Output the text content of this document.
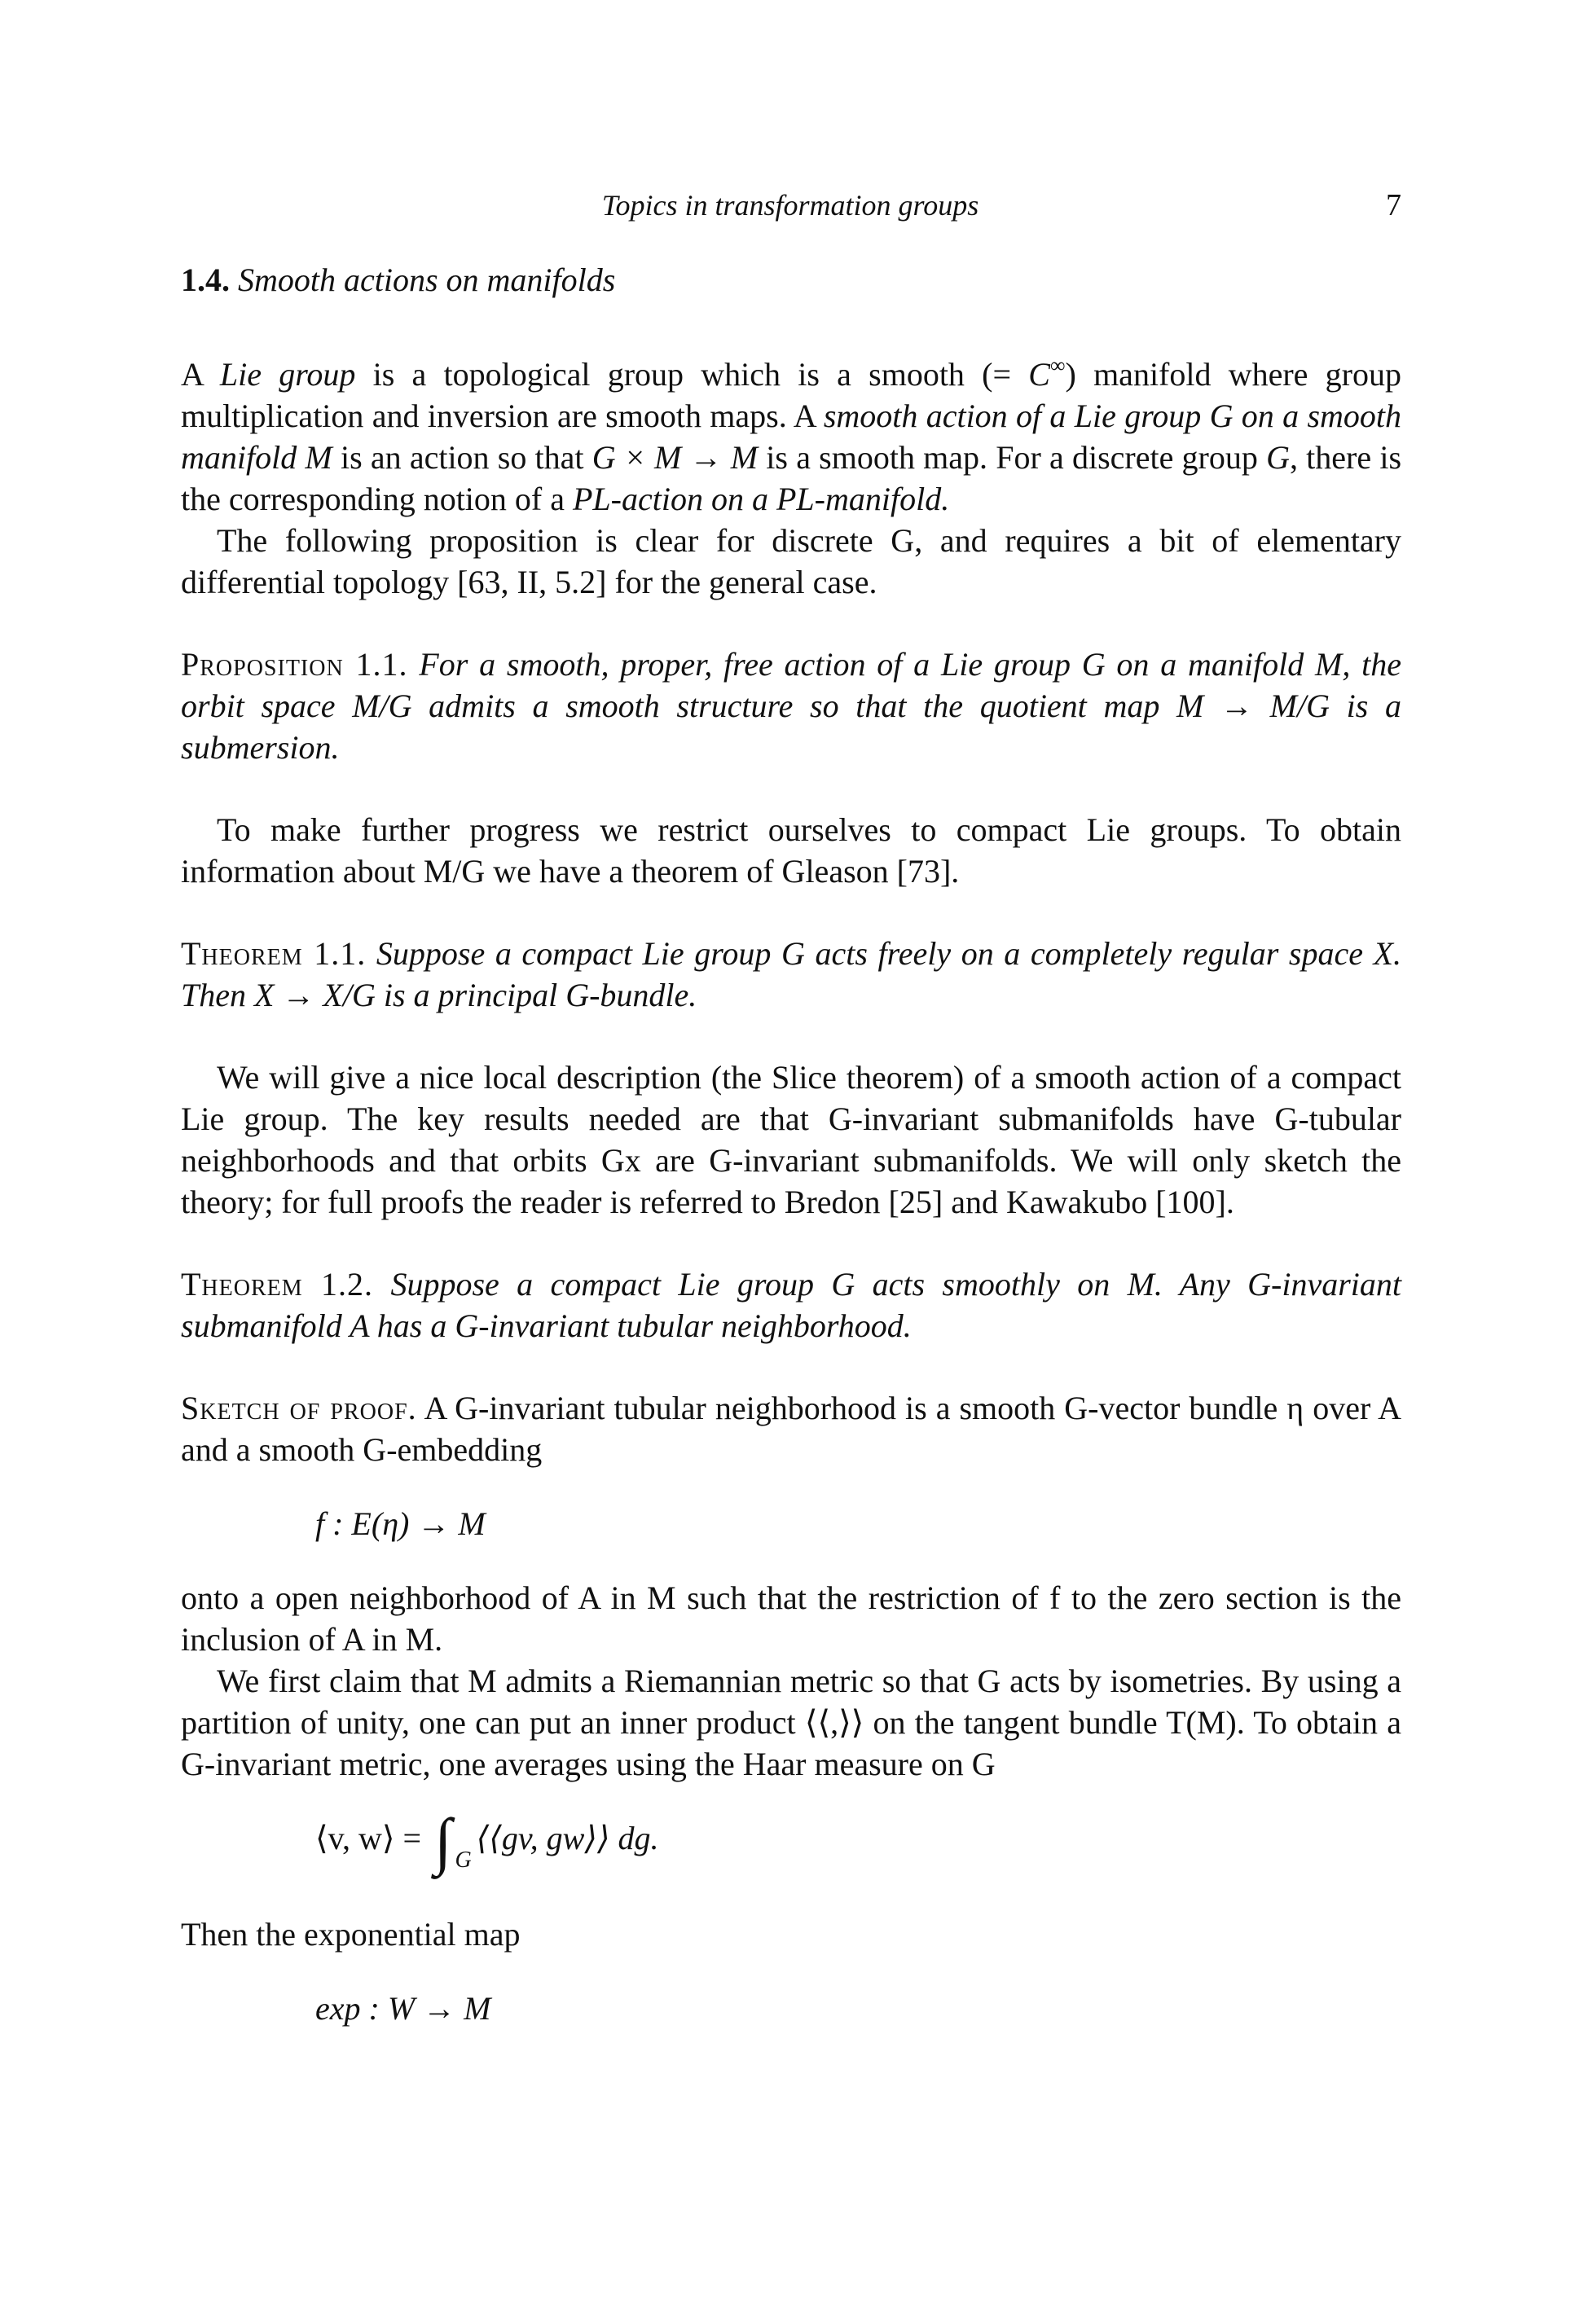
Topics in transformation groups	7

1.4. Smooth actions on manifolds

A Lie group is a topological group which is a smooth (= C∞) manifold where group multiplication and inversion are smooth maps. A smooth action of a Lie group G on a smooth manifold M is an action so that G × M → M is a smooth map. For a discrete group G, there is the corresponding notion of a PL-action on a PL-manifold.

The following proposition is clear for discrete G, and requires a bit of elementary differential topology [63, II, 5.2] for the general case.

Proposition 1.1. For a smooth, proper, free action of a Lie group G on a manifold M, the orbit space M/G admits a smooth structure so that the quotient map M → M/G is a submersion.

To make further progress we restrict ourselves to compact Lie groups. To obtain information about M/G we have a theorem of Gleason [73].

Theorem 1.1. Suppose a compact Lie group G acts freely on a completely regular space X. Then X → X/G is a principal G-bundle.

We will give a nice local description (the Slice theorem) of a smooth action of a compact Lie group. The key results needed are that G-invariant submanifolds have G-tubular neighborhoods and that orbits Gx are G-invariant submanifolds. We will only sketch the theory; for full proofs the reader is referred to Bredon [25] and Kawakubo [100].

Theorem 1.2. Suppose a compact Lie group G acts smoothly on M. Any G-invariant submanifold A has a G-invariant tubular neighborhood.

Sketch of proof. A G-invariant tubular neighborhood is a smooth G-vector bundle η over A and a smooth G-embedding

f : E(η) → M

onto a open neighborhood of A in M such that the restriction of f to the zero section is the inclusion of A in M.

We first claim that M admits a Riemannian metric so that G acts by isometries. By using a partition of unity, one can put an inner product ⟨⟨,⟩⟩ on the tangent bundle T(M). To obtain a G-invariant metric, one averages using the Haar measure on G

⟨v, w⟩ = ∫ $_G$⟨⟨gv, gw⟩⟩ dg.

Then the exponential map

exp : W → M
